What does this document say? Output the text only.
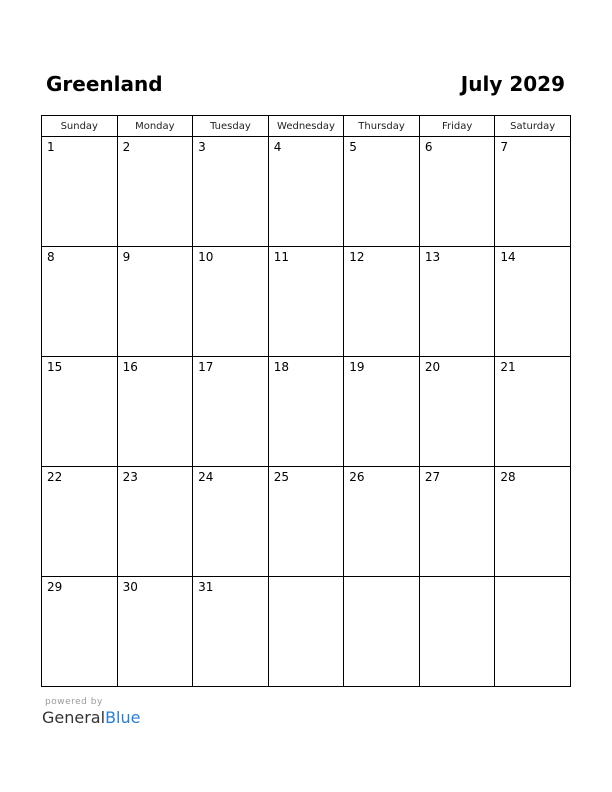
Greenland	July 2029
Sunday	Monday	Tuesday	Wednesday	Thursday	Friday	Saturday

1	2	3	4	5	6	7

8	9	10	11	12	13	14

15	16	17	18	19	20	21

22	23	24	25	26	27	28

29	30	31				

powered by
GeneralBlue
